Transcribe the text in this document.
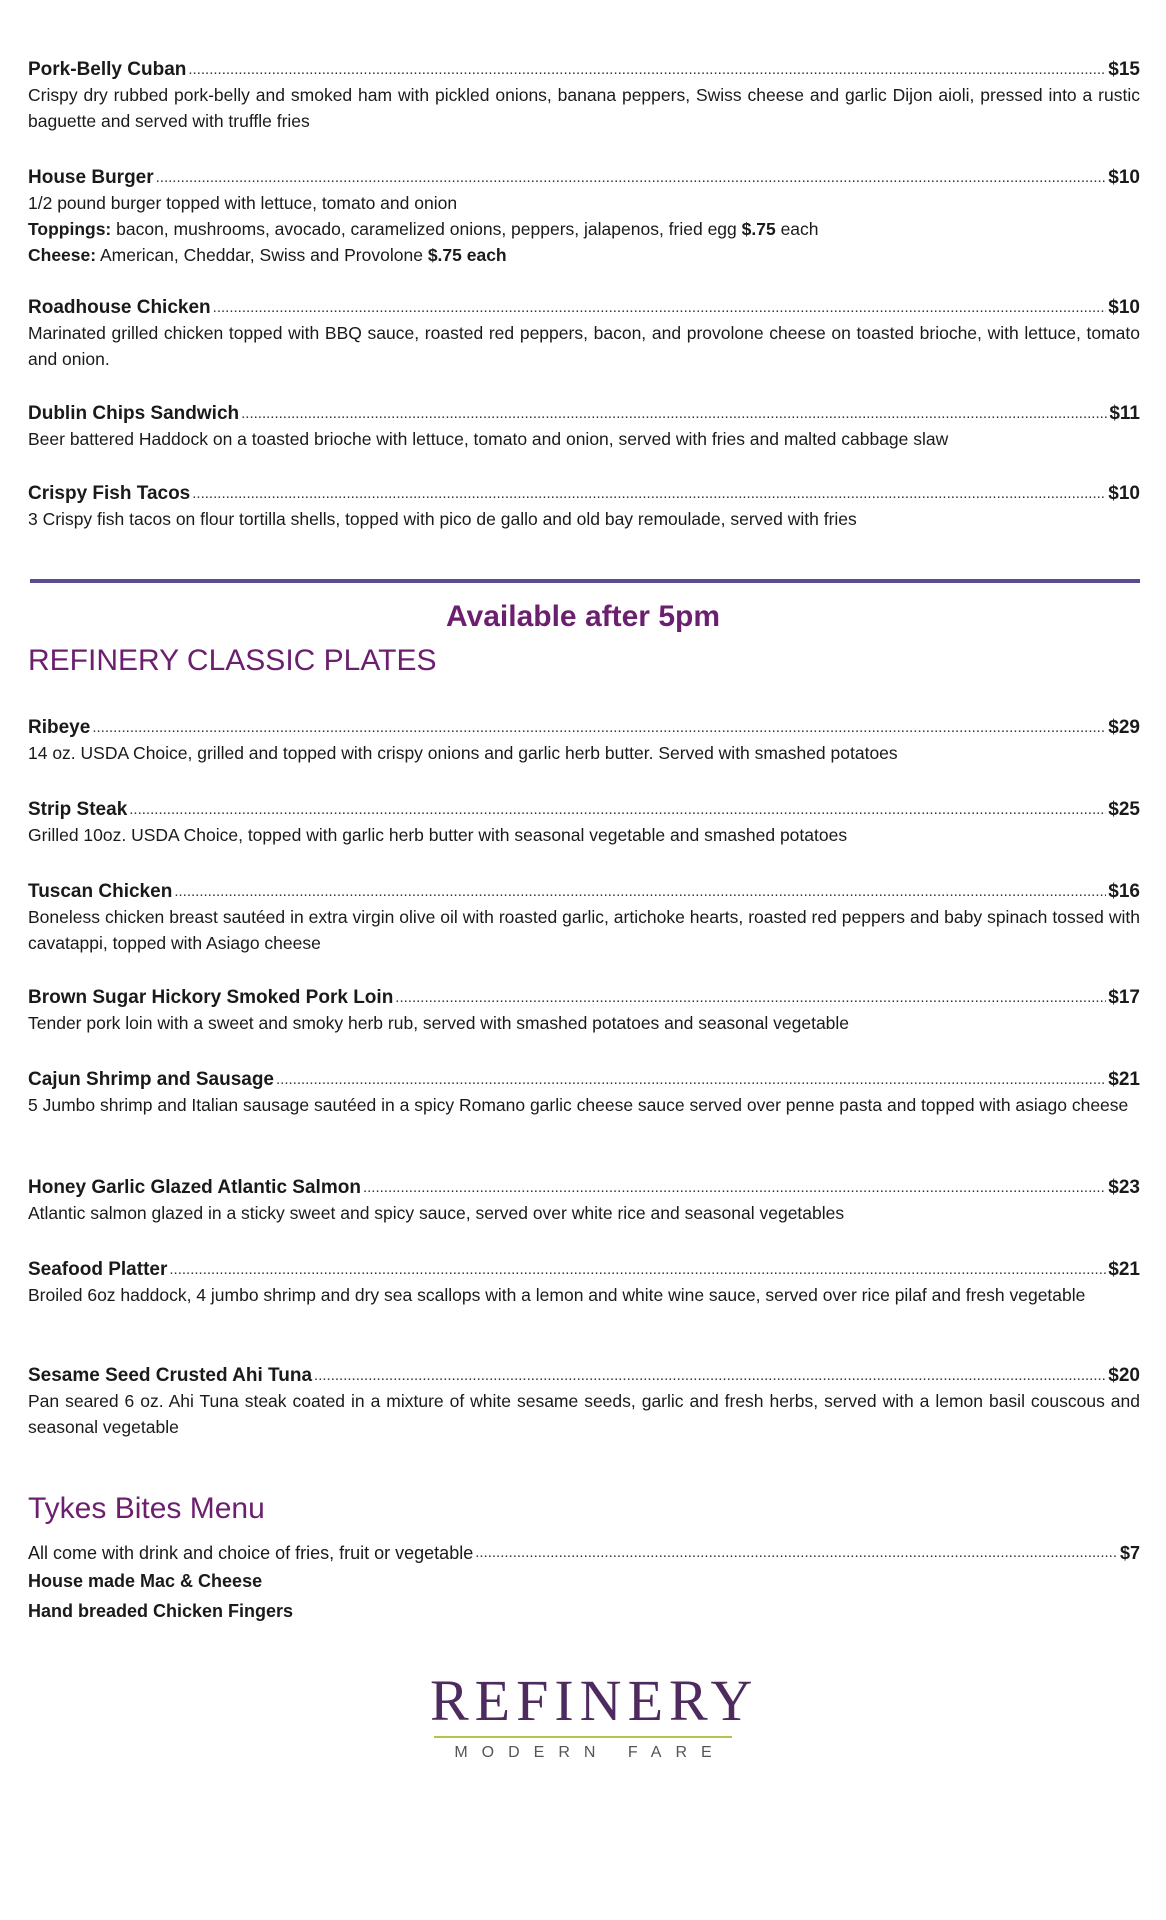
Pork-Belly Cuban .....	$15
Crispy dry rubbed pork-belly and smoked ham with pickled onions, banana peppers, Swiss cheese and garlic Dijon aioli, pressed into a rustic baguette and served with truffle fries
House Burger .....	$10
1/2 pound burger topped with lettuce, tomato and onion
Toppings: bacon, mushrooms, avocado, caramelized onions, peppers, jalapenos, fried egg $.75 each
Cheese: American, Cheddar, Swiss and Provolone $.75 each
Roadhouse Chicken .....	$10
Marinated grilled chicken topped with BBQ sauce, roasted red peppers, bacon, and provolone cheese on toasted brioche, with lettuce, tomato and onion.
Dublin Chips Sandwich .....	$11
Beer battered Haddock on a toasted brioche with lettuce, tomato and onion, served with fries and malted cabbage slaw
Crispy Fish Tacos .....	$10
3 Crispy fish tacos on flour tortilla shells, topped with pico de gallo and old bay remoulade, served with fries
Available after 5pm
REFINERY CLASSIC PLATES
Ribeye .....	$29
14 oz. USDA Choice, grilled and topped with crispy onions and garlic herb butter. Served with smashed potatoes
Strip Steak .....	$25
Grilled 10oz. USDA Choice, topped with garlic herb butter with seasonal vegetable and smashed potatoes
Tuscan Chicken .....	$16
Boneless chicken breast sautéed in extra virgin olive oil with roasted garlic, artichoke hearts, roasted red peppers and baby spinach tossed with cavatappi, topped with Asiago cheese
Brown Sugar Hickory Smoked Pork Loin .....	$17
Tender pork loin with a sweet and smoky herb rub, served with smashed potatoes and seasonal vegetable
Cajun Shrimp and Sausage .....	$21
5 Jumbo shrimp and Italian sausage sautéed in a spicy Romano garlic cheese sauce served over penne pasta and topped with asiago cheese
Honey Garlic Glazed Atlantic Salmon .....	$23
Atlantic salmon glazed in a sticky sweet and spicy sauce, served over white rice and seasonal vegetables
Seafood Platter .....	$21
Broiled 6oz haddock, 4 jumbo shrimp and dry sea scallops with a lemon and white wine sauce, served over rice pilaf and fresh vegetable
Sesame Seed Crusted Ahi Tuna .....	$20
Pan seared 6 oz. Ahi Tuna steak coated in a mixture of white sesame seeds, garlic and fresh herbs, served with a lemon basil couscous and seasonal vegetable
Tykes Bites Menu
All come with drink and choice of fries, fruit or vegetable .....	$7
House made Mac & Cheese
Hand breaded Chicken Fingers
REFINERY
MODERN FARE
